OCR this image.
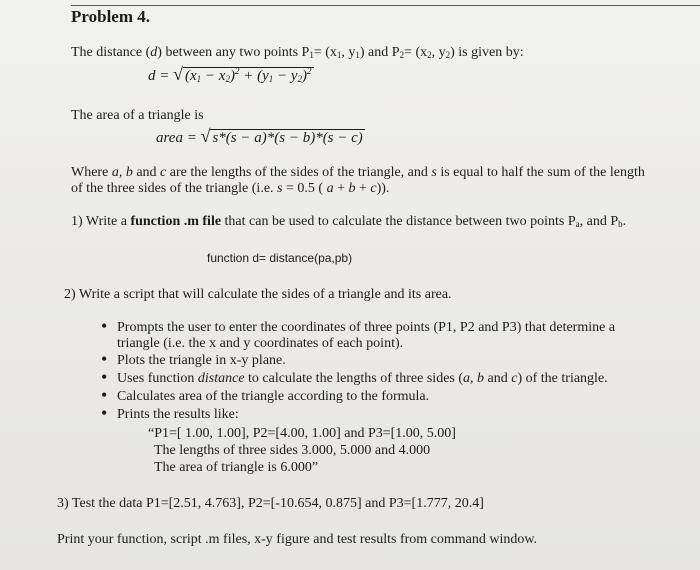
Problem 4.
The distance (d) between any two points $P_1= (x_1$, $y_1$) and $P_2= (x_2$, $y_2$) is given by:
d = √ $(x_1 - x_2)^2 + (y_1 - y_2)^2$
The area of a triangle is
area = √ s*(s − a)*(s − b)*(s − c)
Where a, b and c are the lengths of the sides of the triangle, and s is equal to half the sum of the length
of the three sides of the triangle (i.e. s = 0.5 ( a + b + c)).
1) Write a function .m file that can be used to calculate the distance between two points $P_a$, and $P_b$.
function d= distance(pa,pb)
2) Write a script that will calculate the sides of a triangle and its area.
• Prompts the user to enter the coordinates of three points (P1, P2 and P3) that determine a
triangle (i.e. the x and y coordinates of each point).
• Plots the triangle in x-y plane.
• Uses function distance to calculate the lengths of three sides (a, b and c) of the triangle.
• Calculates area of the triangle according to the formula.
• Prints the results like:
“P1=[ 1.00, 1.00], P2=[4.00, 1.00] and P3=[1.00, 5.00]
The lengths of three sides 3.000, 5.000 and 4.000
The area of triangle is 6.000”
3) Test the data P1=[2.51, 4.763], P2=[-10.654, 0.875] and P3=[1.777, 20.4]
Print your function, script .m files, x-y figure and test results from command window.
